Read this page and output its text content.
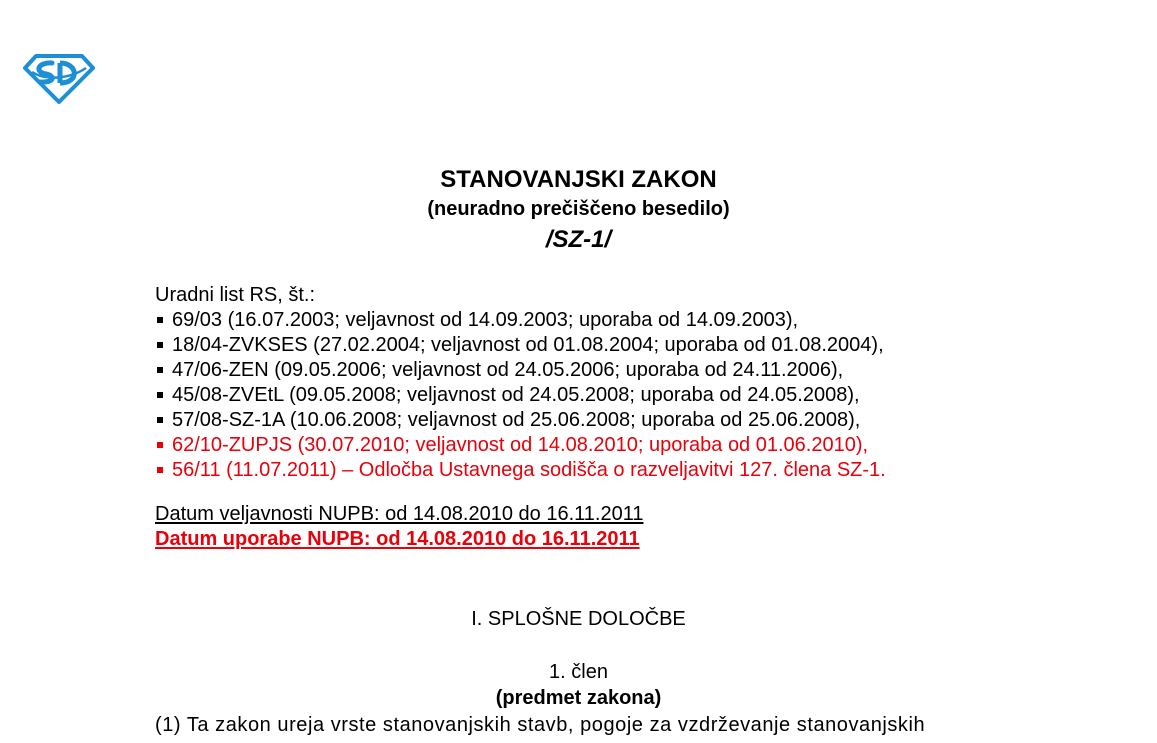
STANOVANJSKI ZAKON
(neuradno prečiščeno besedilo)
/SZ-1/
Uradni list RS, št.:
69/03 (16.07.2003; veljavnost od 14.09.2003; uporaba od 14.09.2003),
18/04-ZVKSES (27.02.2004; veljavnost od 01.08.2004; uporaba od 01.08.2004),
47/06-ZEN (09.05.2006; veljavnost od 24.05.2006; uporaba od 24.11.2006),
45/08-ZVEtL (09.05.2008; veljavnost od 24.05.2008; uporaba od 24.05.2008),
57/08-SZ-1A (10.06.2008; veljavnost od 25.06.2008; uporaba od 25.06.2008),
62/10-ZUPJS (30.07.2010; veljavnost od 14.08.2010; uporaba od 01.06.2010),
56/11 (11.07.2011) – Odločba Ustavnega sodišča o razveljavitvi 127. člena SZ-1.
Datum veljavnosti NUPB: od 14.08.2010 do 16.11.2011
Datum uporabe NUPB: od 14.08.2010 do 16.11.2011
I. SPLOŠNE DOLOČBE
1. člen
(predmet zakona)
(1) Ta zakon ureja vrste stanovanjskih stavb, pogoje za vzdrževanje stanovanjskih
